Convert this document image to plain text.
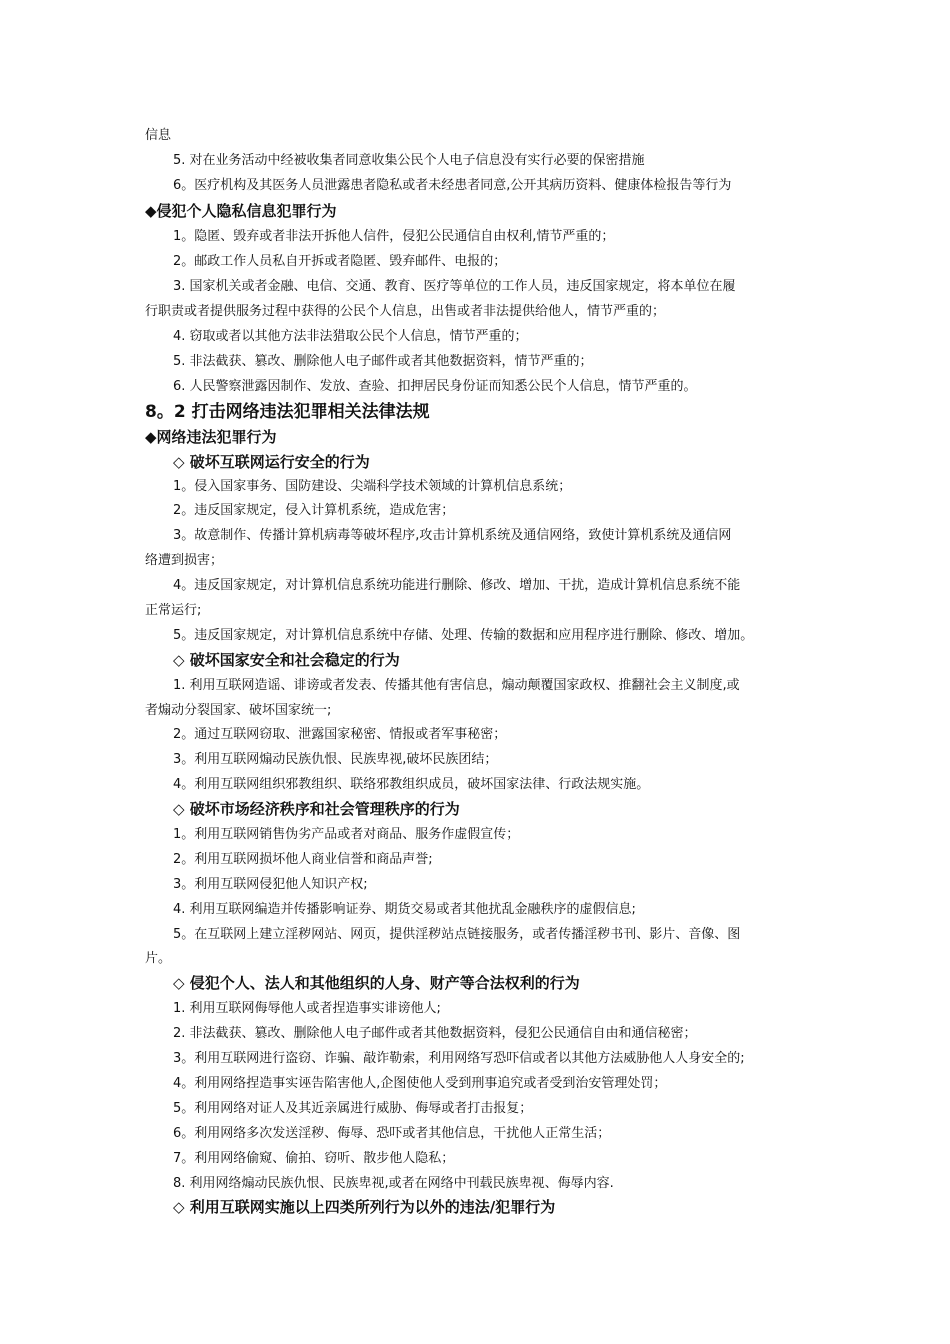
信息
5. 对在业务活动中经被收集者同意收集公民个人电子信息没有实行必要的保密措施
6。医疗机构及其医务人员泄露患者隐私或者未经患者同意,公开其病历资料、健康体检报告等行为
◆侵犯个人隐私信息犯罪行为
1。隐匿、毁弃或者非法开拆他人信件，侵犯公民通信自由权利,情节严重的；
2。邮政工作人员私自开拆或者隐匿、毁弃邮件、电报的；
3. 国家机关或者金融、电信、交通、教育、医疗等单位的工作人员，违反国家规定，将本单位在履
行职责或者提供服务过程中获得的公民个人信息，出售或者非法提供给他人，情节严重的；
4. 窃取或者以其他方法非法猎取公民个人信息，情节严重的；
5. 非法截获、篡改、删除他人电子邮件或者其他数据资料，情节严重的；
6. 人民警察泄露因制作、发放、查验、扣押居民身份证而知悉公民个人信息，情节严重的。
8。2 打击网络违法犯罪相关法律法规
◆网络违法犯罪行为
◇ 破坏互联网运行安全的行为
1。侵入国家事务、国防建设、尖端科学技术领域的计算机信息系统；
2。违反国家规定，侵入计算机系统，造成危害；
3。故意制作、传播计算机病毒等破坏程序,攻击计算机系统及通信网络，致使计算机系统及通信网
络遭到损害；
4。违反国家规定，对计算机信息系统功能进行删除、修改、增加、干扰，造成计算机信息系统不能
正常运行;
5。违反国家规定，对计算机信息系统中存储、处理、传输的数据和应用程序进行删除、修改、增加。
◇ 破坏国家安全和社会稳定的行为
1. 利用互联网造谣、诽谤或者发表、传播其他有害信息，煽动颠覆国家政权、推翻社会主义制度,或
者煽动分裂国家、破坏国家统一;
2。通过互联网窃取、泄露国家秘密、情报或者军事秘密；
3。利用互联网煽动民族仇恨、民族卑视,破坏民族团结；
4。利用互联网组织邪教组织、联络邪教组织成员，破坏国家法律、行政法规实施。
◇ 破坏市场经济秩序和社会管理秩序的行为
1。利用互联网销售伪劣产品或者对商品、服务作虚假宣传；
2。利用互联网损坏他人商业信誉和商品声誉;
3。利用互联网侵犯他人知识产权;
4. 利用互联网编造并传播影响证券、期货交易或者其他扰乱金融秩序的虚假信息;
5。在互联网上建立淫秽网站、网页，提供淫秽站点链接服务，或者传播淫秽书刊、影片、音像、图
片。
◇ 侵犯个人、法人和其他组织的人身、财产等合法权利的行为
1. 利用互联网侮辱他人或者捏造事实诽谤他人;
2. 非法截获、篡改、删除他人电子邮件或者其他数据资料，侵犯公民通信自由和通信秘密；
3。利用互联网进行盗窃、诈骗、敲诈勒索，利用网络写恐吓信或者以其他方法威胁他人人身安全的;
4。利用网络捏造事实诬告陷害他人,企图使他人受到刑事追究或者受到治安管理处罚；
5。利用网络对证人及其近亲属进行威胁、侮辱或者打击报复；
6。利用网络多次发送淫秽、侮辱、恐吓或者其他信息，干扰他人正常生活；
7。利用网络偷窥、偷拍、窃听、散步他人隐私；
8. 利用网络煽动民族仇恨、民族卑视,或者在网络中刊载民族卑视、侮辱内容.
◇ 利用互联网实施以上四类所列行为以外的违法/犯罪行为
